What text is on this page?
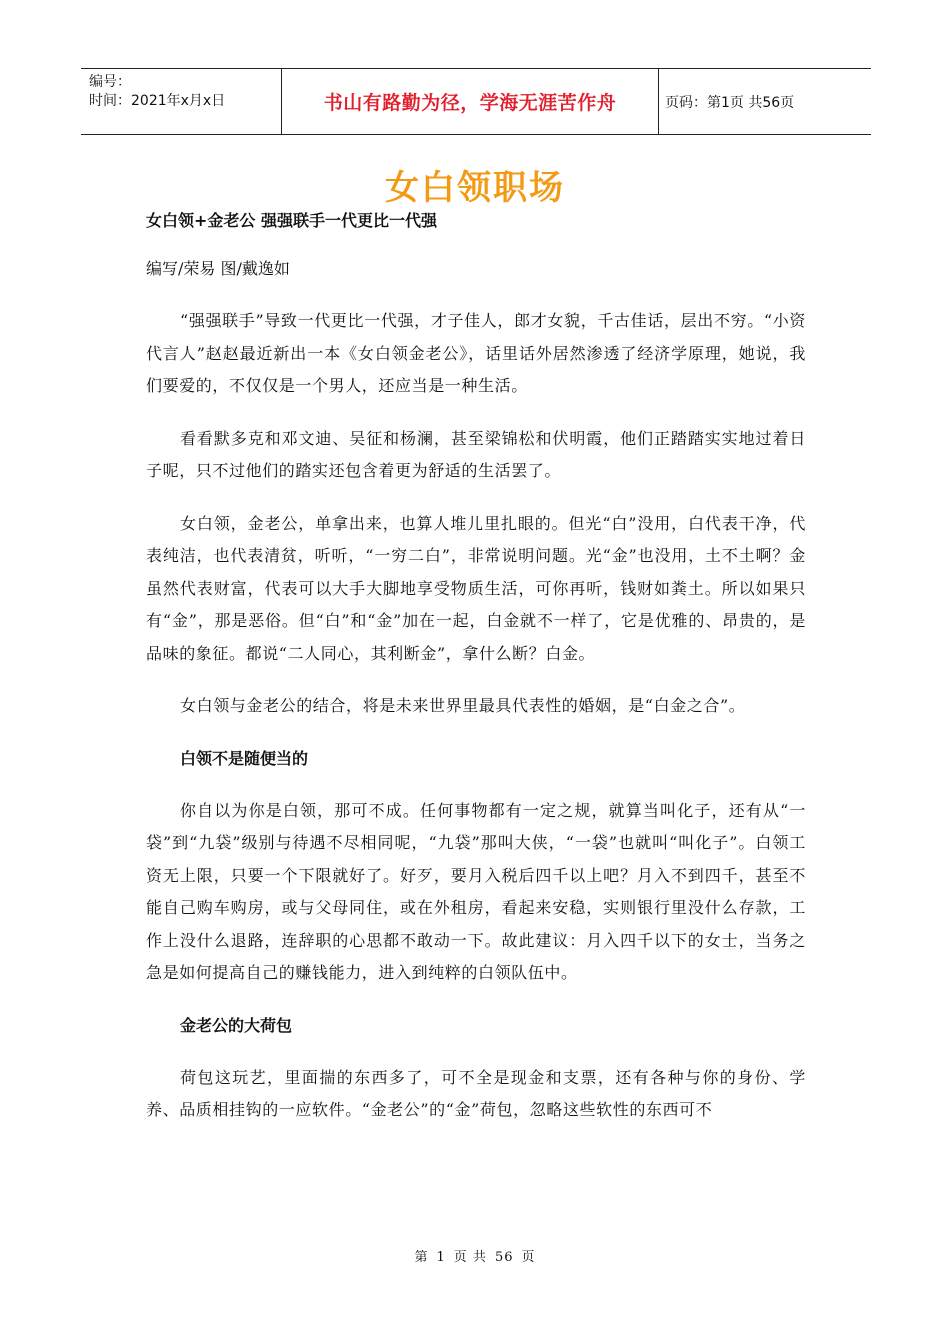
编号：
时间：2021年x月x日	书山有路勤为径，学海无涯苦作舟	页码：第1页 共56页
女白领职场
女白领+金老公 强强联手一代更比一代强
编写/荣易 图/戴逸如

“强强联手”导致一代更比一代强，才子佳人，郎才女貌，千古佳话，层出不穷。“小资代言人”赵赵最近新出一本《女白领金老公》，话里话外居然渗透了经济学原理，她说，我们要爱的，不仅仅是一个男人，还应当是一种生活。

看看默多克和邓文迪、吴征和杨澜，甚至梁锦松和伏明霞，他们正踏踏实实地过着日子呢，只不过他们的踏实还包含着更为舒适的生活罢了。

女白领，金老公，单拿出来，也算人堆儿里扎眼的。但光“白”没用，白代表干净，代表纯洁，也代表清贫，听听，“一穷二白”，非常说明问题。光“金”也没用，土不土啊？金虽然代表财富，代表可以大手大脚地享受物质生活，可你再听，钱财如粪土。所以如果只有“金”，那是恶俗。但“白”和“金”加在一起，白金就不一样了，它是优雅的、昂贵的，是品味的象征。都说“二人同心，其利断金”，拿什么断？白金。

女白领与金老公的结合，将是未来世界里最具代表性的婚姻，是“白金之合”。

白领不是随便当的

你自以为你是白领，那可不成。任何事物都有一定之规，就算当叫化子，还有从“一袋”到“九袋”级别与待遇不尽相同呢，“九袋”那叫大侠，“一袋”也就叫“叫化子”。白领工资无上限，只要一个下限就好了。好歹，要月入税后四千以上吧？月入不到四千，甚至不能自己购车购房，或与父母同住，或在外租房，看起来安稳，实则银行里没什么存款，工作上没什么退路，连辞职的心思都不敢动一下。故此建议：月入四千以下的女士，当务之急是如何提高自己的赚钱能力，进入到纯粹的白领队伍中。

金老公的大荷包

荷包这玩艺，里面揣的东西多了，可不全是现金和支票，还有各种与你的身份、学养、品质相挂钩的一应软件。“金老公”的“金”荷包，忽略这些软性的东西可不

第 1 页 共 56 页
